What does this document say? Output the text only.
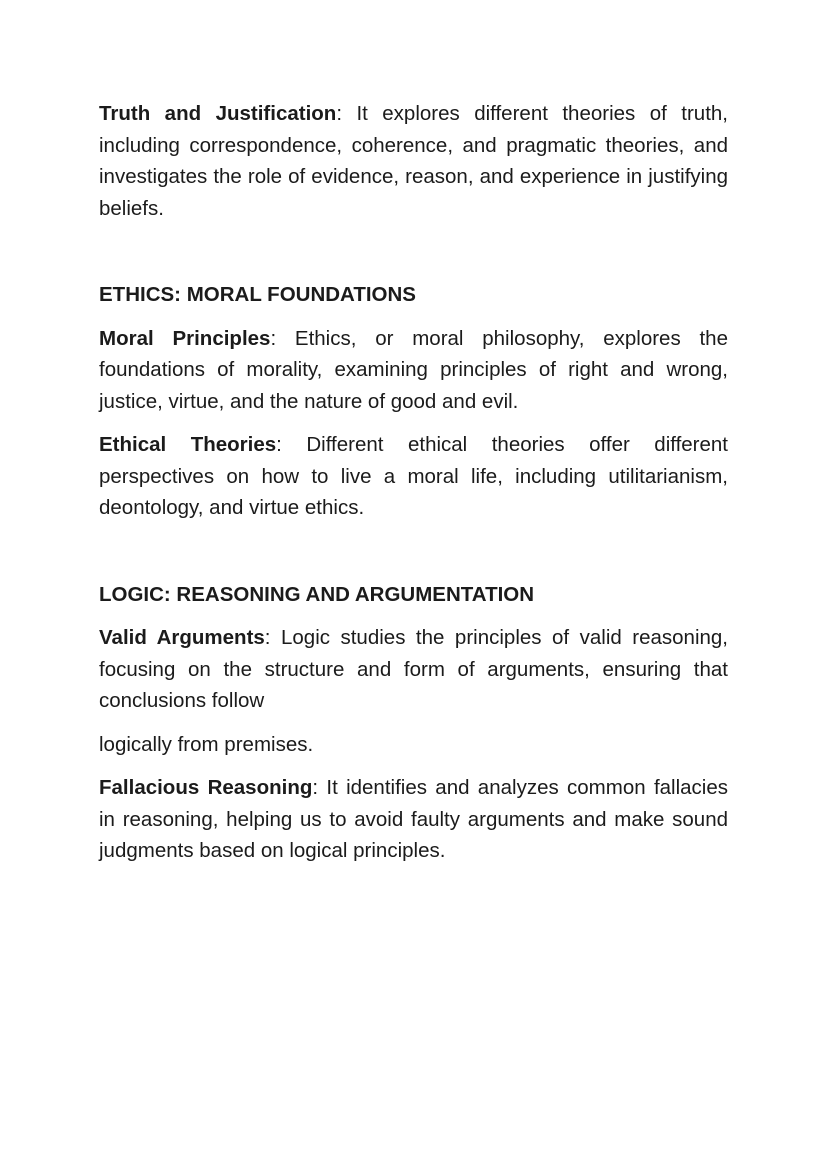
Truth and Justification: It explores different theories of truth, including correspondence, coherence, and pragmatic theories, and investigates the role of evidence, reason, and experience in justifying beliefs.

ETHICS: MORAL FOUNDATIONS

Moral Principles: Ethics, or moral philosophy, explores the foundations of morality, examining principles of right and wrong, justice, virtue, and the nature of good and evil.

Ethical Theories: Different ethical theories offer different perspectives on how to live a moral life, including utilitarianism, deontology, and virtue ethics.

LOGIC: REASONING AND ARGUMENTATION

Valid Arguments: Logic studies the principles of valid reasoning, focusing on the structure and form of arguments, ensuring that conclusions follow

logically from premises.

Fallacious Reasoning: It identifies and analyzes common fallacies in reasoning, helping us to avoid faulty arguments and make sound judgments based on logical principles.
